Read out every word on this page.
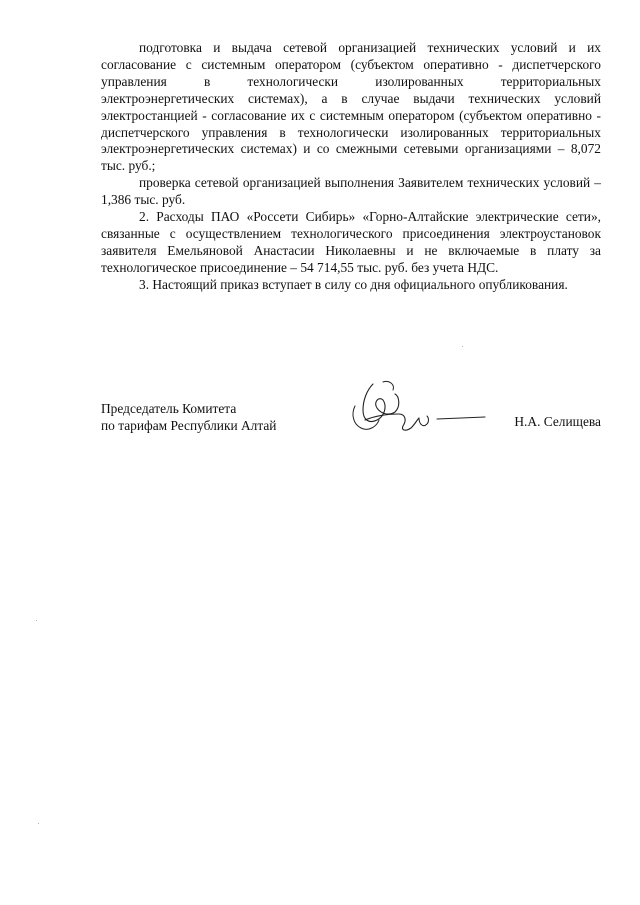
подготовка и выдача сетевой организацией технических условий и их согласование с системным оператором (субъектом оперативно - диспетчерского управления в технологически изолированных территориальных электроэнергетических системах), а в случае выдачи технических условий электростанцией - согласование их с системным оператором (субъектом оперативно - диспетчерского управления в технологически изолированных территориальных электроэнергетических системах) и со смежными сетевыми организациями – 8,072 тыс. руб.;

проверка сетевой организацией выполнения Заявителем технических условий – 1,386 тыс. руб.

2. Расходы ПАО «Россети Сибирь» «Горно-Алтайские электрические сети», связанные с осуществлением технологического присоединения электроустановок заявителя Емельяновой Анастасии Николаевны и не включаемые в плату за технологическое присоединение – 54 714,55 тыс. руб. без учета НДС.

3. Настоящий приказ вступает в силу со дня официального опубликования.

Председатель Комитета
по тарифам Республики Алтай	Н.А. Селищева
